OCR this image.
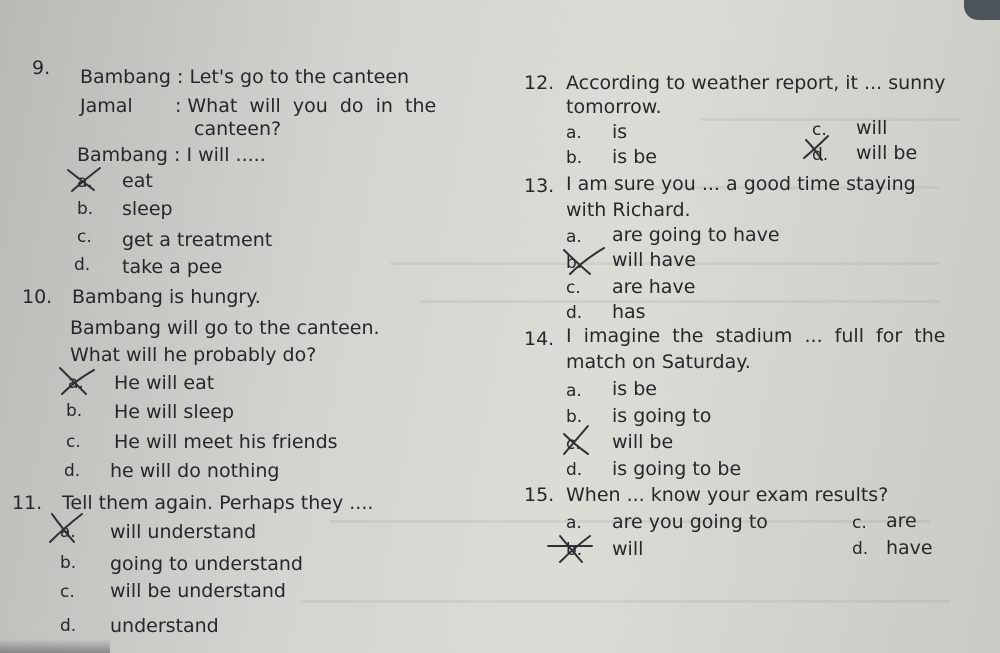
9. Bambang : Let's go to the canteen
Jamal       : What  will  you  do  in  the
canteen?
Bambang : I will .....
a. eat
b. sleep
c. get a treatment
d. take a pee
10. Bambang is hungry.
Bambang will go to the canteen.
What will he probably do?
a. He will eat
b. He will sleep
c. He will meet his friends
d. he will do nothing
11. Tell them again. Perhaps they ....
a. will understand
b. going to understand
c. will be understand
d. understand
12. According to weather report, it ... sunny
tomorrow.
a. is
b. is be
c. will
d. will be
13. I am sure you ... a good time staying
with Richard.
a. are going to have
b. will have
c. are have
d. has
14. I  imagine  the  stadium  ...  full  for  the
match on Saturday.
a. is be
b. is going to
c. will be
d. is going to be
15. When ... know your exam results?
a. are you going to
b. will
c. are
d. have
